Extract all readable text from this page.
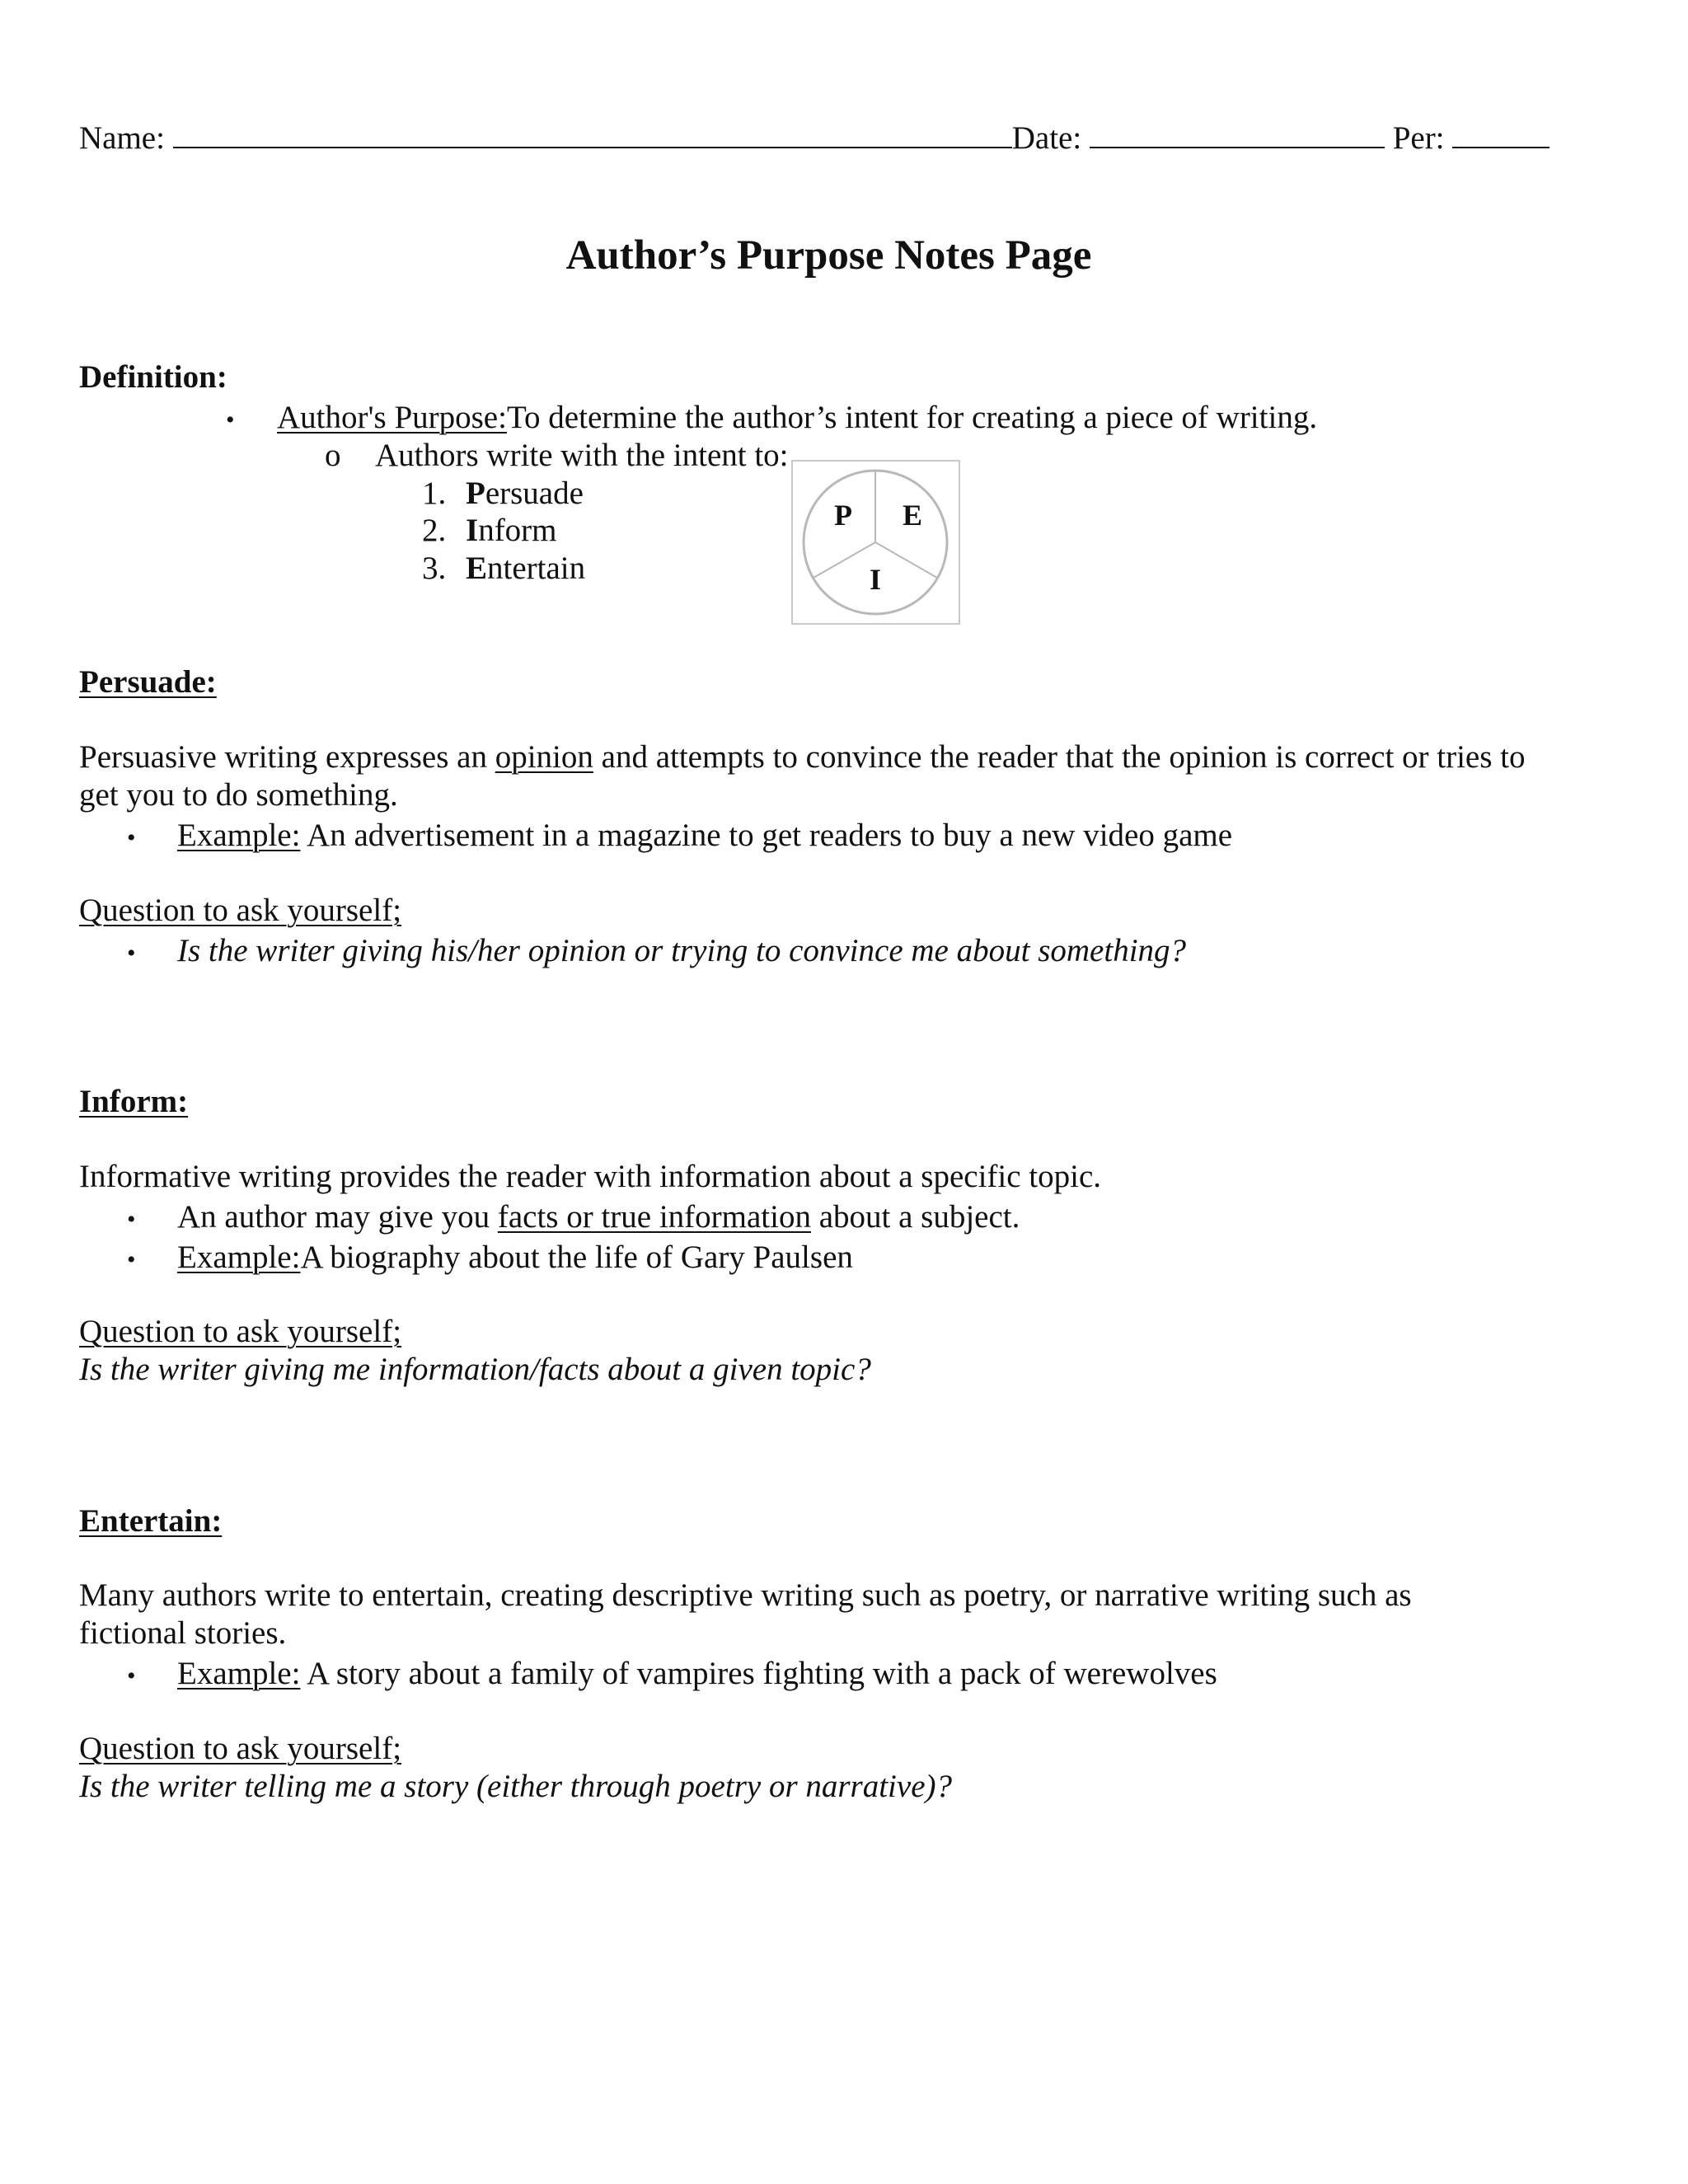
Name:	Date:	Per:
Author’s Purpose Notes Page
Definition:
• Author's Purpose:To determine the author’s intent for creating a piece of writing.
o Authors write with the intent to:
1. Persuade
2. Inform
3. Entertain
P E
I
Persuade:
Persuasive writing expresses an opinion and attempts to convince the reader that the opinion is correct or tries to
get you to do something.
• Example: An advertisement in a magazine to get readers to buy a new video game
Question to ask yourself;
• Is the writer giving his/her opinion or trying to convince me about something?
Inform:
Informative writing provides the reader with information about a specific topic.
• An author may give you facts or true information about a subject.
• Example:A biography about the life of Gary Paulsen
Question to ask yourself;
Is the writer giving me information/facts about a given topic?
Entertain:
Many authors write to entertain, creating descriptive writing such as poetry, or narrative writing such as
fictional stories.
• Example: A story about a family of vampires fighting with a pack of werewolves
Question to ask yourself;
Is the writer telling me a story (either through poetry or narrative)?
